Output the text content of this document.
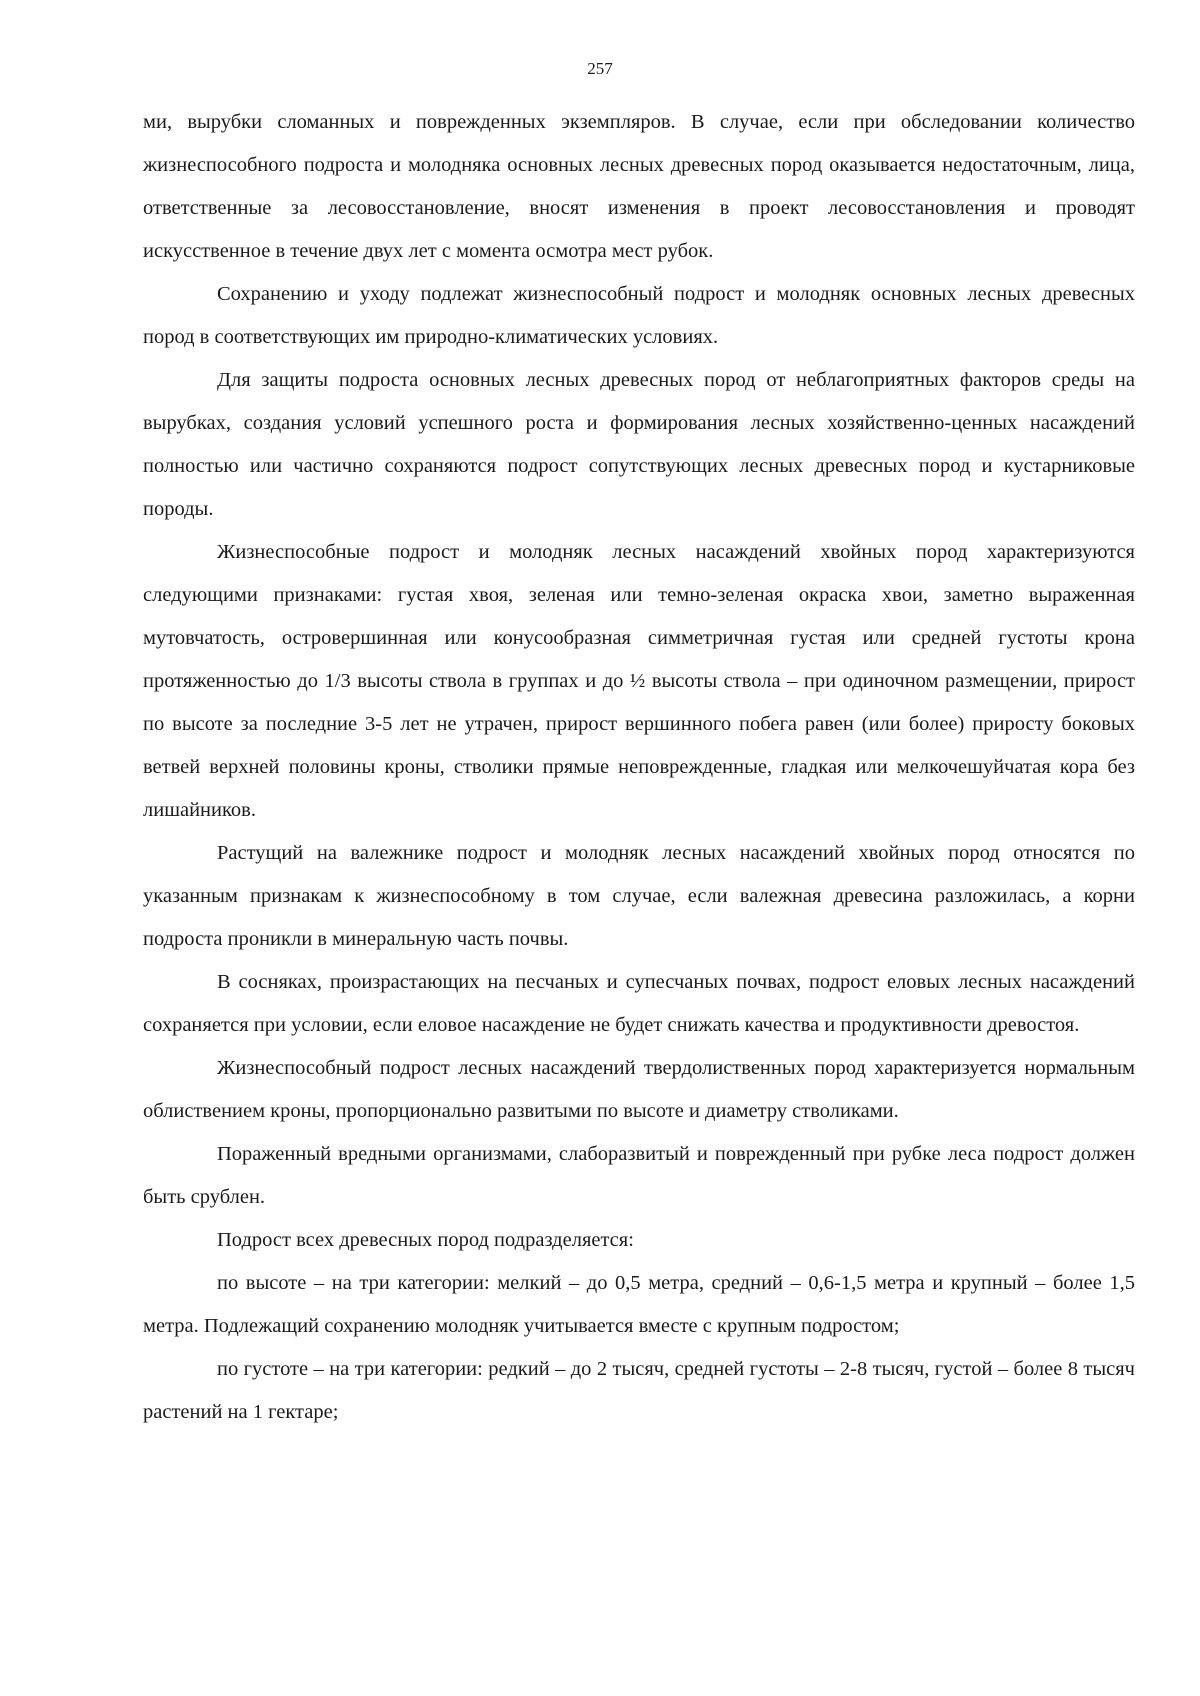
257

ми, вырубки сломанных и поврежденных экземпляров. В случае, если при обследовании количество жизнеспособного подроста и молодняка основных лесных древесных пород оказывается недостаточным, лица, ответственные за лесовосстановление, вносят изменения в проект лесовосстановления и проводят искусственное в течение двух лет с момента осмотра мест рубок.

Сохранению и уходу подлежат жизнеспособный подрост и молодняк основных лесных древесных пород в соответствующих им природно-климатических условиях.

Для защиты подроста основных лесных древесных пород от неблагоприятных факторов среды на вырубках, создания условий успешного роста и формирования лесных хозяйственно-ценных насаждений полностью или частично сохраняются подрост сопутствующих лесных древесных пород и кустарниковые породы.

Жизнеспособные подрост и молодняк лесных насаждений хвойных пород характеризуются следующими признаками: густая хвоя, зеленая или темно-зеленая окраска хвои, заметно выраженная мутовчатость, островершинная или конусообразная симметричная густая или средней густоты крона протяженностью до 1/3 высоты ствола в группах и до ½ высоты ствола – при одиночном размещении, прирост по высоте за последние 3-5 лет не утрачен, прирост вершинного побега равен (или более) приросту боковых ветвей верхней половины кроны, стволики прямые неповрежденные, гладкая или мелкочешуйчатая кора без лишайников.

Растущий на валежнике подрост и молодняк лесных насаждений хвойных пород относятся по указанным признакам к жизнеспособному в том случае, если валежная древесина разложилась, а корни подроста проникли в минеральную часть почвы.

В сосняках, произрастающих на песчаных и супесчаных почвах, подрост еловых лесных насаждений сохраняется при условии, если еловое насаждение не будет снижать качества и продуктивности древостоя.

Жизнеспособный подрост лесных насаждений твердолиственных пород характеризуется нормальным облиствением кроны, пропорционально развитыми по высоте и диаметру стволиками.

Пораженный вредными организмами, слаборазвитый и поврежденный при рубке леса подрост должен быть срублен.

Подрост всех древесных пород подразделяется:

по высоте – на три категории: мелкий – до 0,5 метра, средний – 0,6-1,5 метра и крупный – более 1,5 метра. Подлежащий сохранению молодняк учитывается вместе с крупным подростом;

по густоте – на три категории: редкий – до 2 тысяч, средней густоты – 2-8 тысяч, густой – более 8 тысяч растений на 1 гектаре;
